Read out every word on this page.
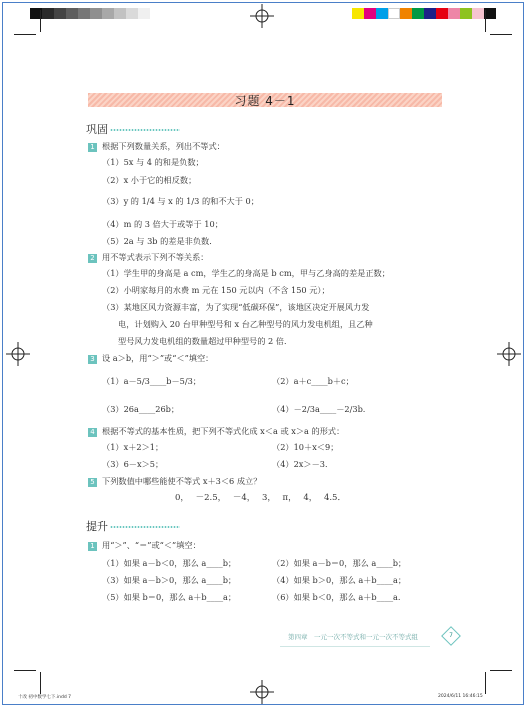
习题 4－1
巩固
1 根据下列数量关系，列出不等式：
（1）5x 与 4 的和是负数；
（2）x 小于它的相反数；
（3）y 的 1/4 与 x 的 1/3 的和不大于 0；
（4）m 的 3 倍大于或等于 10；
（5）2a 与 3b 的差是非负数．
2 用不等式表示下列不等关系：
（1）学生甲的身高是 a cm，学生乙的身高是 b cm，甲与乙身高的差是正数；
（2）小明家每月的水费 m 元在 150 元以内（不含 150 元）；
（3）某地区风力资源丰富，为了实现“低碳环保”，该地区决定开展风力发
电，计划购入 20 台甲种型号和 x 台乙种型号的风力发电机组，且乙种
型号风力发电机组的数量超过甲种型号的 2 倍．
3 设 a＞b，用“＞”或“＜”填空：
（1）a－5/3____b－5/3；	（2）a＋c____b＋c；
（3）26a____26b；	（4）－2/3a____－2/3b.
4 根据不等式的基本性质，把下列不等式化成 x＜a 或 x＞a 的形式：
（1）x＋2＞1；	（2）10＋x＜9；
（3）6－x＞5；	（4）2x＞－3．
5 下列数值中哪些能使不等式 x＋3＜6 成立？
0， －2.5， －4， 3， π， 4， 4.5．
提升
1 用“＞”、“＝”或“＜”填空：
（1）如果 a－b＜0，那么 a____b；	（2）如果 a－b＝0，那么 a____b；
（3）如果 a－b＞0，那么 a____b；	（4）如果 b＞0，那么 a＋b____a；
（5）如果 b＝0，那么 a＋b____a；	（6）如果 b＜0，那么 a＋b____a.
第四章　一元一次不等式和一元一次不等式组	7
十改 初中数学七下.indd 7	2024/6/11 16:46:15
